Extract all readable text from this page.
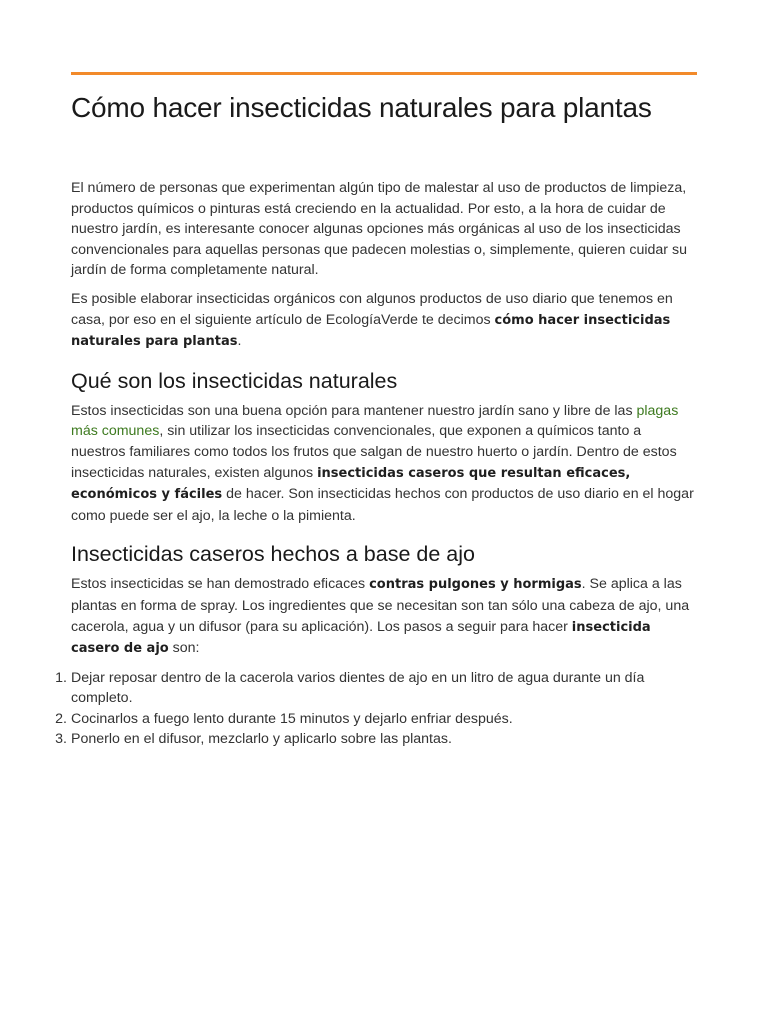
Cómo hacer insecticidas naturales para plantas

El número de personas que experimentan algún tipo de malestar al uso de productos de limpieza, productos químicos o pinturas está creciendo en la actualidad. Por esto, a la hora de cuidar de nuestro jardín, es interesante conocer algunas opciones más orgánicas al uso de los insecticidas convencionales para aquellas personas que padecen molestias o, simplemente, quieren cuidar su jardín de forma completamente natural.

Es posible elaborar insecticidas orgánicos con algunos productos de uso diario que tenemos en casa, por eso en el siguiente artículo de EcologíaVerde te decimos cómo hacer insecticidas naturales para plantas.

Qué son los insecticidas naturales

Estos insecticidas son una buena opción para mantener nuestro jardín sano y libre de las plagas más comunes, sin utilizar los insecticidas convencionales, que exponen a químicos tanto a nuestros familiares como todos los frutos que salgan de nuestro huerto o jardín. Dentro de estos insecticidas naturales, existen algunos insecticidas caseros que resultan eficaces, económicos y fáciles de hacer. Son insecticidas hechos con productos de uso diario en el hogar como puede ser el ajo, la leche o la pimienta.

Insecticidas caseros hechos a base de ajo

Estos insecticidas se han demostrado eficaces contras pulgones y hormigas. Se aplica a las plantas en forma de spray. Los ingredientes que se necesitan son tan sólo una cabeza de ajo, una cacerola, agua y un difusor (para su aplicación). Los pasos a seguir para hacer insecticida casero de ajo son:

1. Dejar reposar dentro de la cacerola varios dientes de ajo en un litro de agua durante un día completo.
2. Cocinarlos a fuego lento durante 15 minutos y dejarlo enfriar después.
3. Ponerlo en el difusor, mezclarlo y aplicarlo sobre las plantas.
